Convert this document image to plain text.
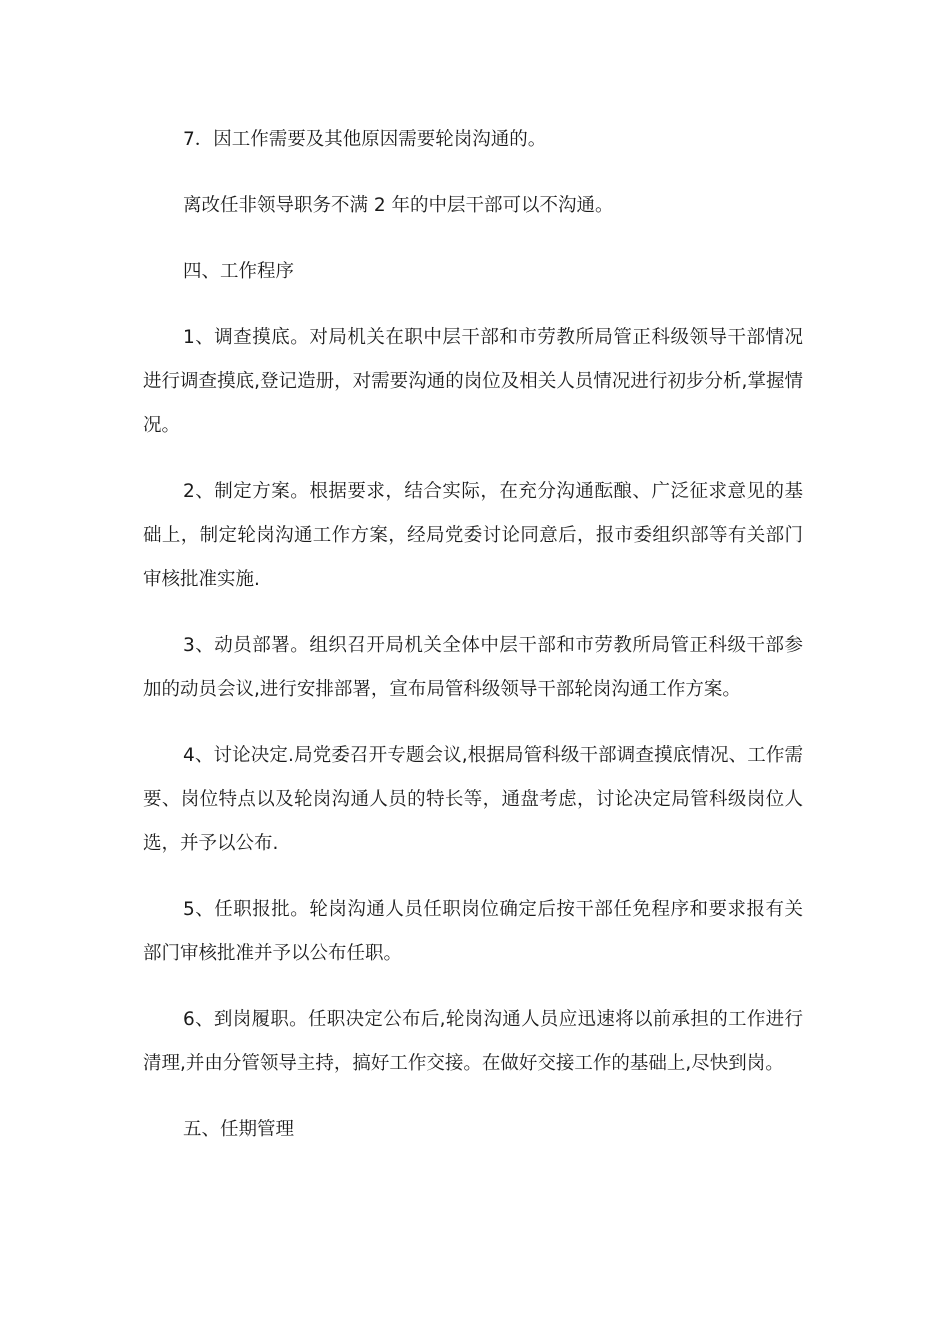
7．因工作需要及其他原因需要轮岗沟通的。

离改任非领导职务不满 2 年的中层干部可以不沟通。

四、工作程序

1、调查摸底。对局机关在职中层干部和市劳教所局管正科级领导干部情况进行调查摸底,登记造册，对需要沟通的岗位及相关人员情况进行初步分析,掌握情况。

2、制定方案。根据要求，结合实际，在充分沟通酝酿、广泛征求意见的基础上，制定轮岗沟通工作方案，经局党委讨论同意后，报市委组织部等有关部门审核批准实施.

3、动员部署。组织召开局机关全体中层干部和市劳教所局管正科级干部参加的动员会议,进行安排部署，宣布局管科级领导干部轮岗沟通工作方案。

4、讨论决定.局党委召开专题会议,根据局管科级干部调查摸底情况、工作需要、岗位特点以及轮岗沟通人员的特长等，通盘考虑，讨论决定局管科级岗位人选，并予以公布.

5、任职报批。轮岗沟通人员任职岗位确定后按干部任免程序和要求报有关部门审核批准并予以公布任职。

6、到岗履职。任职决定公布后,轮岗沟通人员应迅速将以前承担的工作进行清理,并由分管领导主持，搞好工作交接。在做好交接工作的基础上,尽快到岗。

五、任期管理
